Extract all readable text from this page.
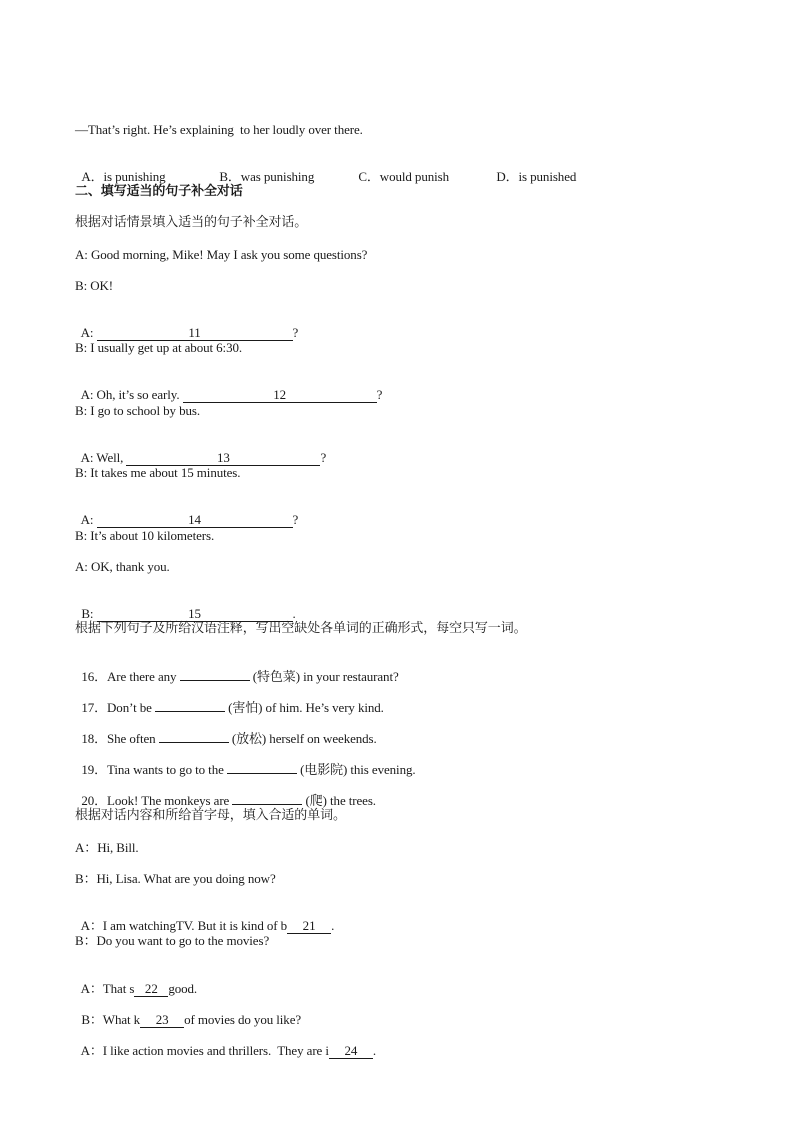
—That’s right. He’s explaining  to her loudly over there.

A．is punishing	B．was punishing	C．would punish	D．is punished

二、填写适当的句子补全对话
根据对话情景填入适当的句子补全对话。
A: Good morning, Mike! May I ask you some questions?
B: OK!

A:	11	?

B: I usually get up at about 6:30.

A: Oh, it’s so early.	12	?

B: I go to school by bus.

A: Well,	13	?

B: It takes me about 15 minutes.

A:	14	?

B: It’s about 10 kilometers.
A: OK, thank you.

B:	15	.

根据下列句子及所给汉语注释，写出空缺处各单词的正确形式，每空只写一词。

16．Are there any	(特色菜) in your restaurant?

17．Don’t be	(害怕) of him. He’s very kind.

18．She often	(放松) herself on weekends.

19．Tina wants to go to the	(电影院) this evening.

20．Look! The monkeys are	(爬) the trees.

根据对话内容和所给首字母，填入合适的单词。
A：Hi, Bill.
B：Hi, Lisa. What are you doing now?

A：I am watchingTV. But it is kind of b 21 .

B：Do you want to go to the movies?

A：That s 22 good.

B：What k 23 of movies do you like?

A：I like action movies and thrillers.  They are i 24 .
